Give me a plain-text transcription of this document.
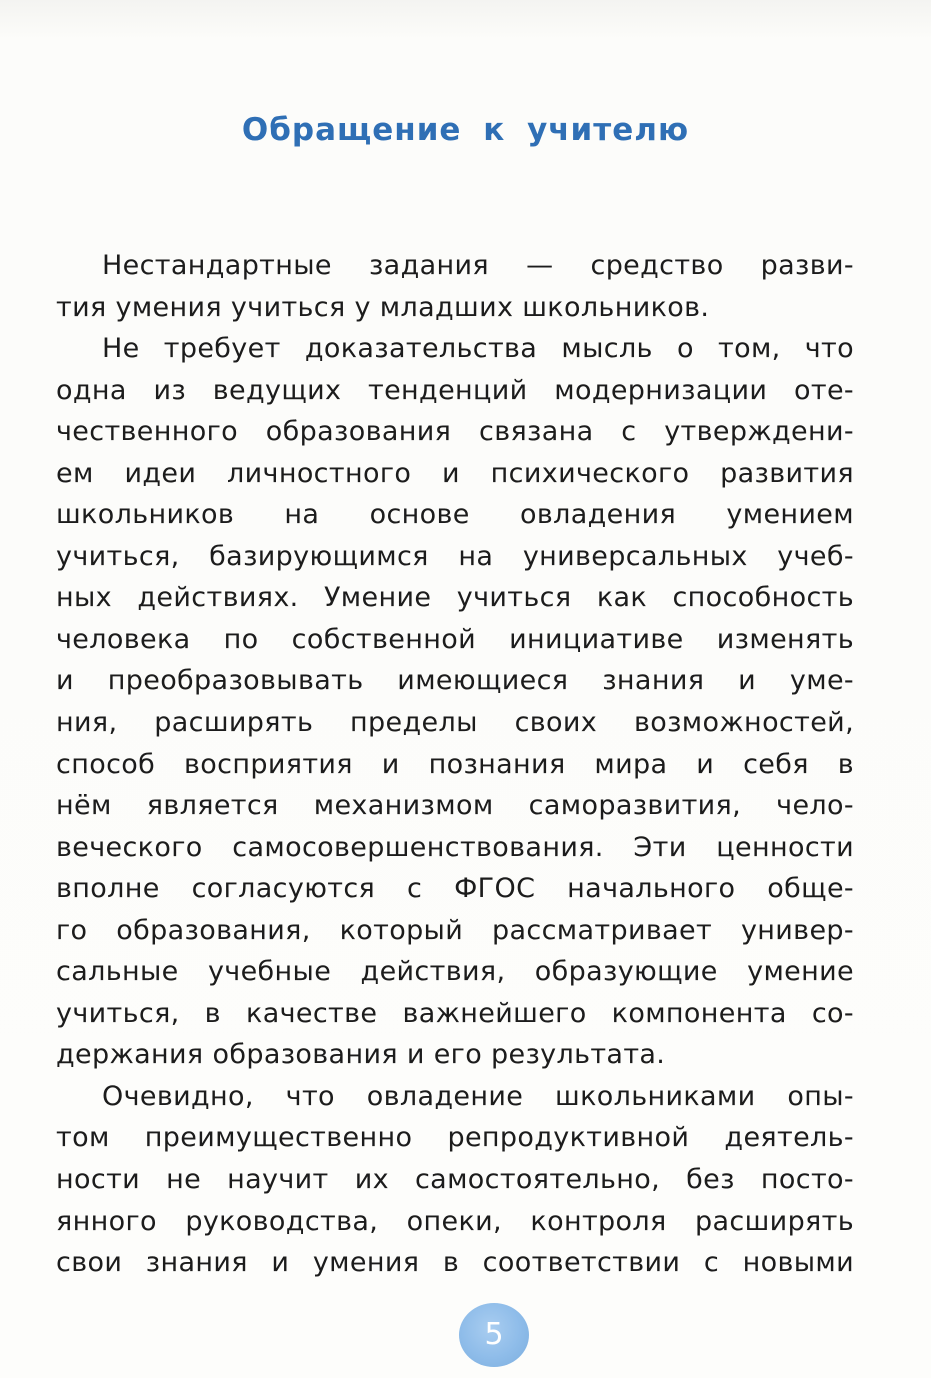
Обращение к учителю
Нестандартные задания — средство разви-
тия умения учиться у младших школьников.
Не требует доказательства мысль о том, что
одна из ведущих тенденций модернизации оте-
чественного образования связана с утверждени-
ем идеи личностного и психического развития
школьников на основе овладения умением
учиться, базирующимся на универсальных учеб-
ных действиях. Умение учиться как способность
человека по собственной инициативе изменять
и преобразовывать имеющиеся знания и уме-
ния, расширять пределы своих возможностей,
способ восприятия и познания мира и себя в
нём является механизмом саморазвития, чело-
веческого самосовершенствования. Эти ценности
вполне согласуются с ФГОС начального обще-
го образования, который рассматривает универ-
сальные учебные действия, образующие умение
учиться, в качестве важнейшего компонента со-
держания образования и его результата.
Очевидно, что овладение школьниками опы-
том преимущественно репродуктивной деятель-
ности не научит их самостоятельно, без посто-
янного руководства, опеки, контроля расширять
свои знания и умения в соответствии с новыми
5
